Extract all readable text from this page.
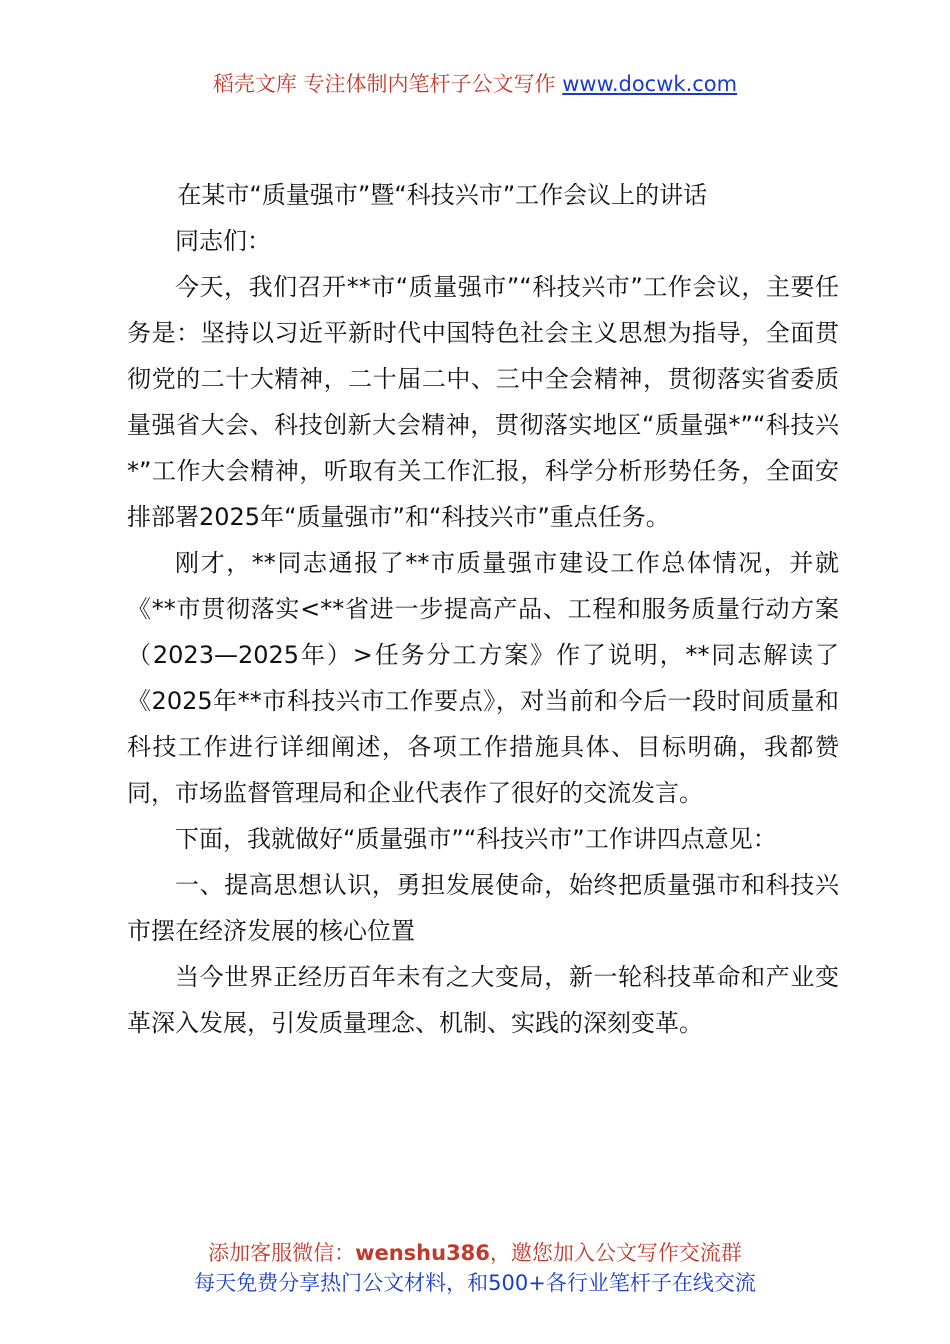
稻壳文库 专注体制内笔杆子公文写作 www.docwk.com

在某市“质量强市”暨“科技兴市”工作会议上的讲话

同志们：

今天，我们召开**市“质量强市”“科技兴市”工作会议，主要任务是：坚持以习近平新时代中国特色社会主义思想为指导，全面贯彻党的二十大精神，二十届二中、三中全会精神，贯彻落实省委质量强省大会、科技创新大会精神，贯彻落实地区“质量强*”“科技兴*”工作大会精神，听取有关工作汇报，科学分析形势任务，全面安排部署2025年“质量强市”和“科技兴市”重点任务。

刚才，**同志通报了**市质量强市建设工作总体情况，并就《**市贯彻落实<**省进一步提高产品、工程和服务质量行动方案（2023—2025年）>任务分工方案》作了说明，**同志解读了《2025年**市科技兴市工作要点》，对当前和今后一段时间质量和科技工作进行详细阐述，各项工作措施具体、目标明确，我都赞同，市场监督管理局和企业代表作了很好的交流发言。

下面，我就做好“质量强市”“科技兴市”工作讲四点意见：

一、提高思想认识，勇担发展使命，始终把质量强市和科技兴市摆在经济发展的核心位置

当今世界正经历百年未有之大变局，新一轮科技革命和产业变革深入发展，引发质量理念、机制、实践的深刻变革。

添加客服微信：wenshu386，邀您加入公文写作交流群
每天免费分享热门公文材料，和500+各行业笔杆子在线交流
